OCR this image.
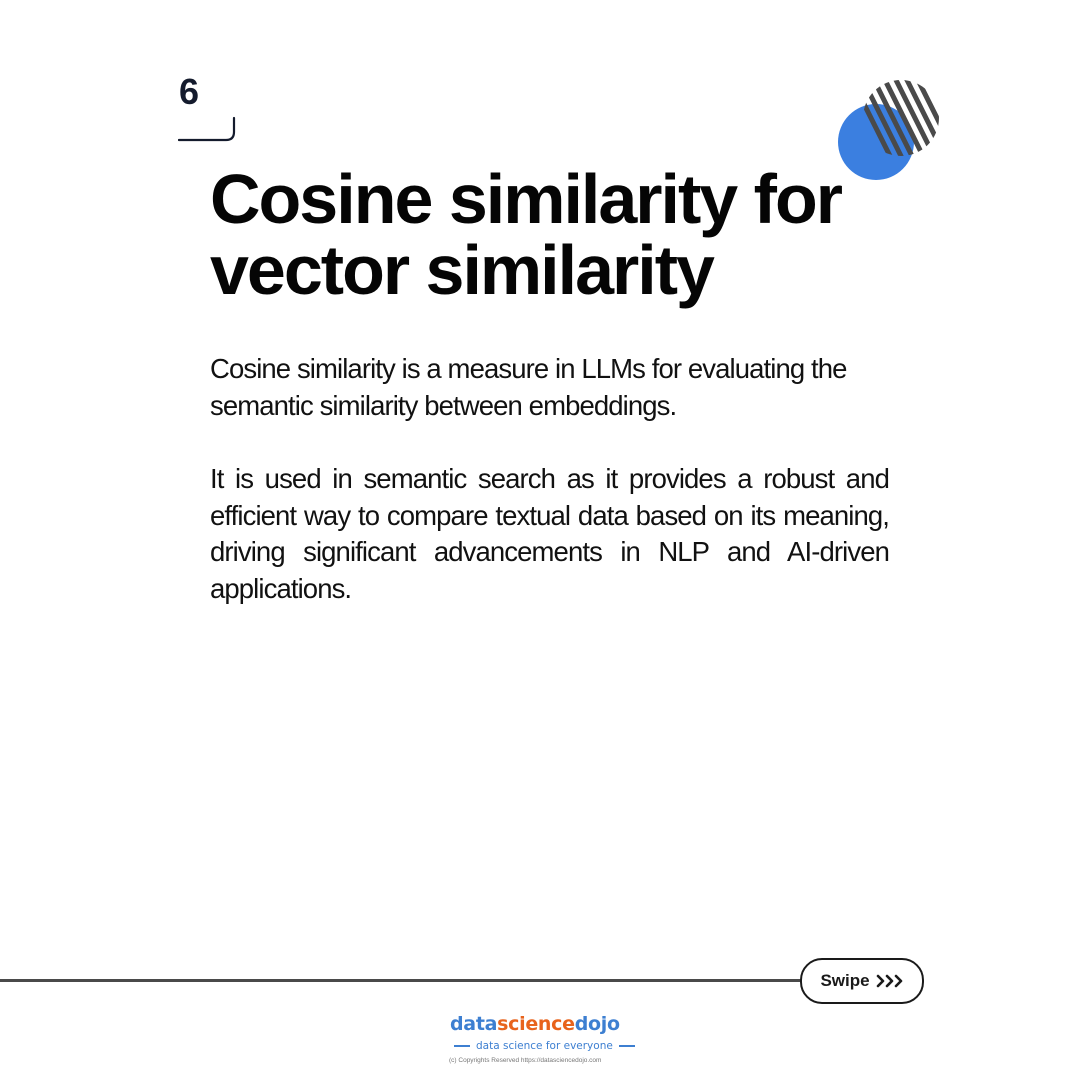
6
Cosine similarity for
vector similarity

Cosine similarity is a measure in LLMs for evaluating the semantic similarity between embeddings.

It is used in semantic search as it provides a robust and efficient way to compare textual data based on its meaning, driving significant advancements in NLP and AI-driven applications.

Swipe
datasciencedojo
data science for everyone
(c) Copyrights Reserved https://datasciencedojo.com
